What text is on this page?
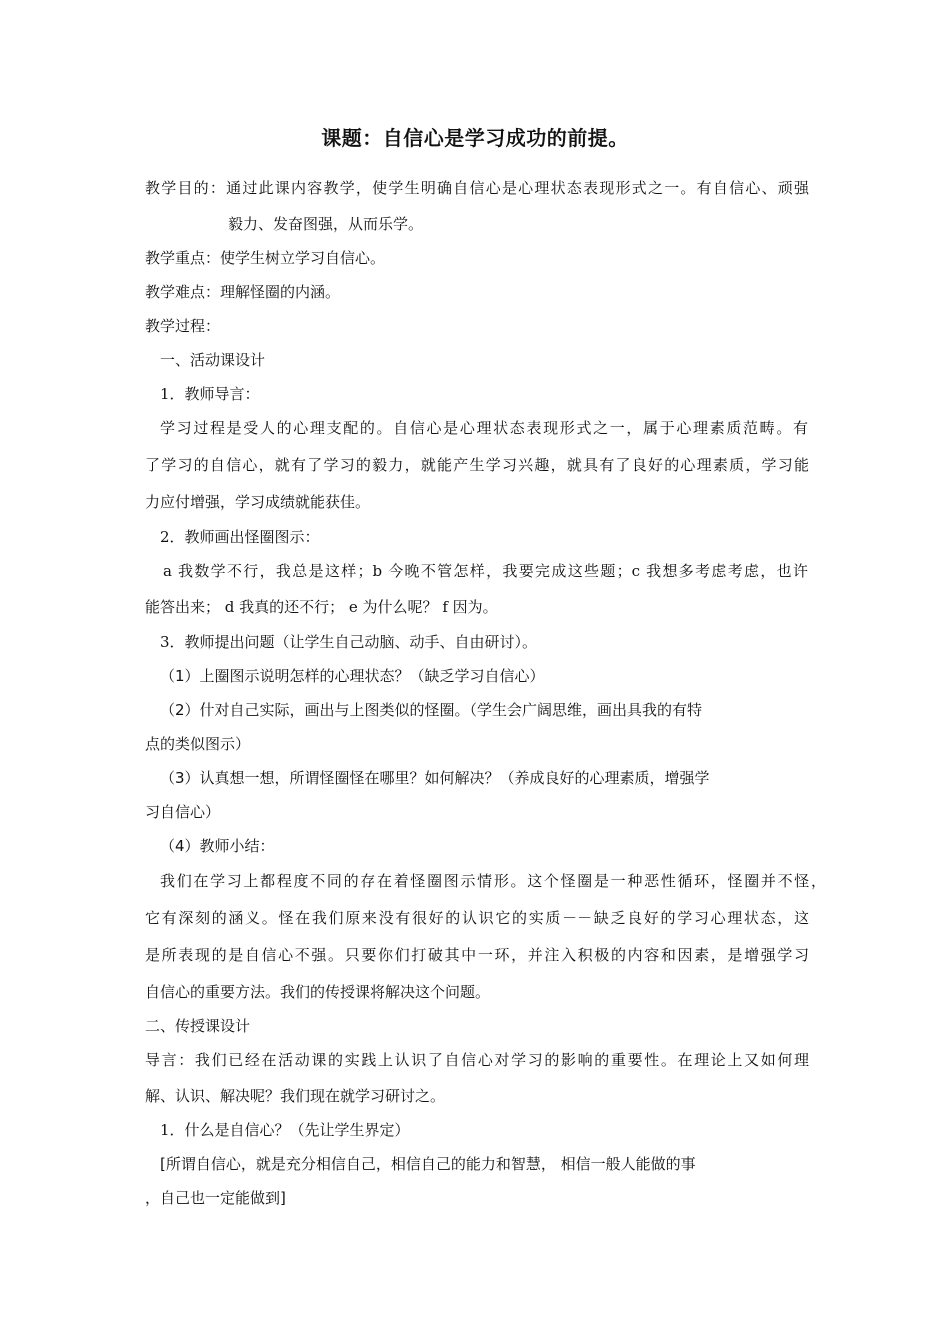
课题：自信心是学习成功的前提。
教学目的：通过此课内容教学，使学生明确自信心是心理状态表现形式之一。有自信心、顽强
毅力、发奋图强，从而乐学。
教学重点：使学生树立学习自信心。
教学难点：理解怪圈的内涵。
教学过程：
一、活动课设计
1．教师导言：
学习过程是受人的心理支配的。自信心是心理状态表现形式之一，属于心理素质范畴。有
了学习的自信心，就有了学习的毅力，就能产生学习兴趣，就具有了良好的心理素质，学习能
力应付增强，学习成绩就能获佳。
2．教师画出怪圈图示：
a 我数学不行，我总是这样；b 今晚不管怎样，我要完成这些题；c 我想多考虑考虑，也许
能答出来； d 我真的还不行； e 为什么呢？ f 因为。
3．教师提出问题（让学生自己动脑、动手、自由研讨）。
（1）上圈图示说明怎样的心理状态？（缺乏学习自信心）
（2）什对自己实际，画出与上图类似的怪圈。（学生会广阔思维，画出具我的有特
点的类似图示）
（3）认真想一想，所谓怪圈怪在哪里？如何解决？（养成良好的心理素质，增强学
习自信心）
（4）教师小结：
我们在学习上都程度不同的存在着怪圈图示情形。这个怪圈是一种恶性循环，怪圈并不怪，
它有深刻的涵义。怪在我们原来没有很好的认识它的实质－－缺乏良好的学习心理状态，这
是所表现的是自信心不强。只要你们打破其中一环，并注入积极的内容和因素，是增强学习
自信心的重要方法。我们的传授课将解决这个问题。
二、传授课设计
导言：我们已经在活动课的实践上认识了自信心对学习的影响的重要性。在理论上又如何理
解、认识、解决呢？我们现在就学习研讨之。
1．什么是自信心？（先让学生界定）
[所谓自信心，就是充分相信自己，相信自己的能力和智慧， 相信一般人能做的事
，自己也一定能做到]
